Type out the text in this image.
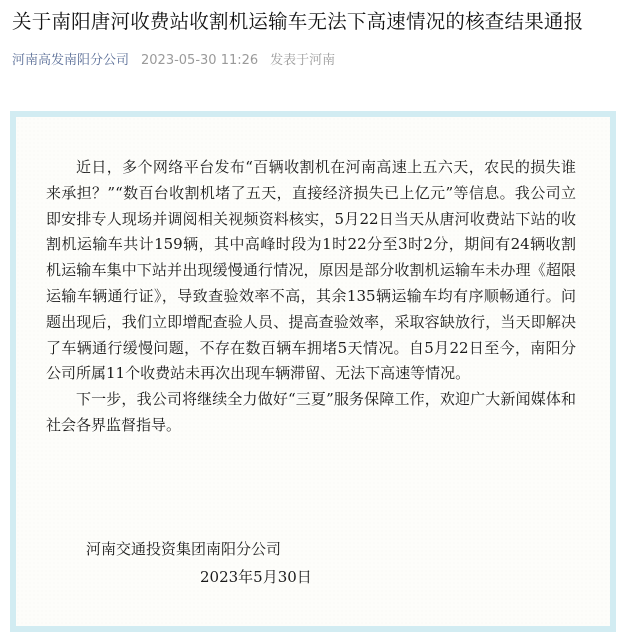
关于南阳唐河收费站收割机运输车无法下高速情况的核查结果通报
河南高发南阳分公司 2023-05-30 11:26 发表于河南

近日，多个网络平台发布“百辆收割机在河南高速上五六天，农民的损失谁来承担？”“数百台收割机堵了五天，直接经济损失已上亿元”等信息。我公司立即安排专人现场并调阅相关视频资料核实，5月22日当天从唐河收费站下站的收割机运输车共计159辆，其中高峰时段为1时22分至3时2分，期间有24辆收割机运输车集中下站并出现缓慢通行情况，原因是部分收割机运输车未办理《超限运输车辆通行证》，导致查验效率不高，其余135辆运输车均有序顺畅通行。问题出现后，我们立即增配查验人员、提高查验效率，采取容缺放行，当天即解决了车辆通行缓慢问题，不存在数百辆车拥堵5天情况。自5月22日至今，南阳分公司所属11个收费站未再次出现车辆滞留、无法下高速等情况。

下一步，我公司将继续全力做好“三夏”服务保障工作，欢迎广大新闻媒体和社会各界监督指导。

河南交通投资集团南阳分公司
2023年5月30日
